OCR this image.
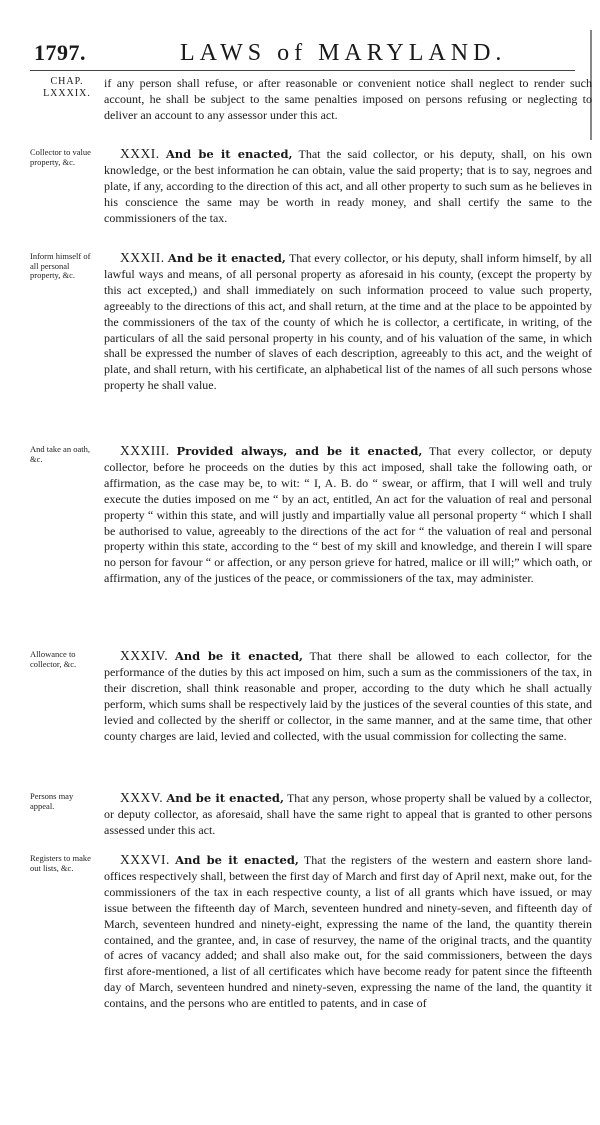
1797.	LAWS of MARYLAND.
CHAP.
LXXXIX.
if any person shall refuse, or after reasonable or convenient notice shall neglect to render such account, he shall be subject to the same penalties imposed on persons refusing or neglecting to deliver an account to any assessor under this act.
Collector to value property, &c.
XXXI. And be it enacted, That the said collector, or his deputy, shall, on his own knowledge, or the best information he can obtain, value the said property; that is to say, negroes and plate, if any, according to the direction of this act, and all other property to such sum as he believes in his conscience the same may be worth in ready money, and shall certify the same to the commissioners of the tax.
Inform himself of all personal property, &c.
XXXII. And be it enacted, That every collector, or his deputy, shall inform himself, by all lawful ways and means, of all personal property as aforesaid in his county, (except the property by this act excepted,) and shall immediately on such information proceed to value such property, agreeably to the directions of this act, and shall return, at the time and at the place to be appointed by the commissioners of the tax of the county of which he is collector, a certificate, in writing, of the particulars of all the said personal property in his county, and of his valuation of the same, in which shall be expressed the number of slaves of each description, agreeably to this act, and the weight of plate, and shall return, with his certificate, an alphabetical list of the names of all such persons whose property he shall value.
And take an oath, &c.
XXXIII. Provided always, and be it enacted, That every collector, or deputy collector, before he proceeds on the duties by this act imposed, shall take the following oath, or affirmation, as the case may be, to wit: “ I, A. B. do “ swear, or affirm, that I will well and truly execute the duties imposed on me “ by an act, entitled, An act for the valuation of real and personal property “ within this state, and will justly and impartially value all personal property “ which I shall be authorised to value, agreeably to the directions of the act for “ the valuation of real and personal property within this state, according to the “ best of my skill and knowledge, and therein I will spare no person for favour “ or affection, or any person grieve for hatred, malice or ill will;” which oath, or affirmation, any of the justices of the peace, or commissioners of the tax, may administer.
Allowance to collector, &c.
XXXIV. And be it enacted, That there shall be allowed to each collector, for the performance of the duties by this act imposed on him, such a sum as the commissioners of the tax, in their discretion, shall think reasonable and proper, according to the duty which he shall actually perform, which sums shall be respectively laid by the justices of the several counties of this state, and levied and collected by the sheriff or collector, in the same manner, and at the same time, that other county charges are laid, levied and collected, with the usual commission for collecting the same.
Persons may appeal.
XXXV. And be it enacted, That any person, whose property shall be valued by a collector, or deputy collector, as aforesaid, shall have the same right to appeal that is granted to other persons assessed under this act.
Registers to make out lists, &c.
XXXVI. And be it enacted, That the registers of the western and eastern shore land-offices respectively shall, between the first day of March and first day of April next, make out, for the commissioners of the tax in each respective county, a list of all grants which have issued, or may issue between the fifteenth day of March, seventeen hundred and ninety-seven, and fifteenth day of March, seventeen hundred and ninety-eight, expressing the name of the land, the quantity therein contained, and the grantee, and, in case of resurvey, the name of the original tracts, and the quantity of acres of vacancy added; and shall also make out, for the said commissioners, between the days first afore-mentioned, a list of all certificates which have become ready for patent since the fifteenth day of March, seventeen hundred and ninety-seven, expressing the name of the land, the quantity it contains, and the persons who are entitled to patents, and in case of
